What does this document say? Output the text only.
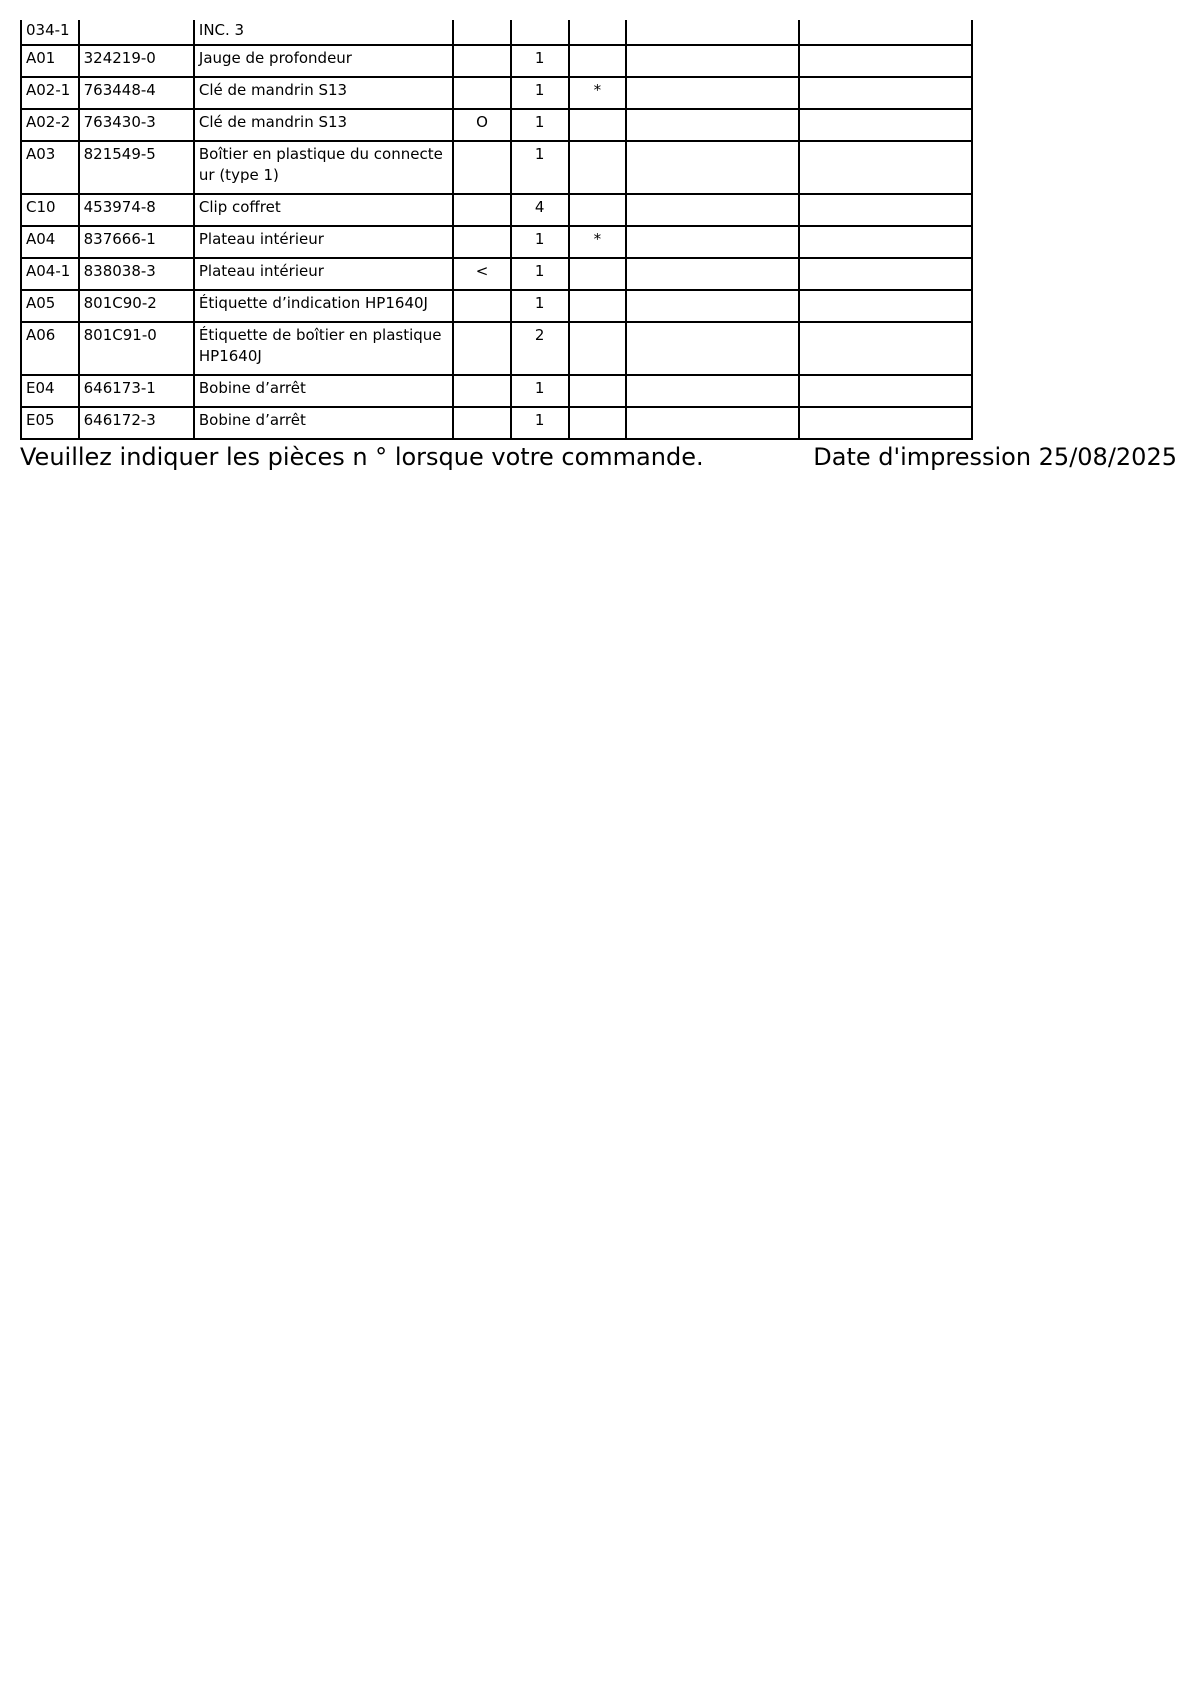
034-1		INC. 3					
A01	324219-0	Jauge de profondeur		1			
A02-1	763448-4	Clé de mandrin S13		1	*		
A02-2	763430-3	Clé de mandrin S13	O	1			
A03	821549-5	Boîtier en plastique du connecte ur (type 1)		1			
C10	453974-8	Clip coffret		4			
A04	837666-1	Plateau intérieur		1	*		
A04-1	838038-3	Plateau intérieur	<	1			
A05	801C90-2	Étiquette d’indication HP1640J		1			
A06	801C91-0	Étiquette de boîtier en plastique HP1640J		2			
E04	646173-1	Bobine d’arrêt		1			
E05	646172-3	Bobine d’arrêt		1			
Veuillez indiquer les pièces n ° lorsque votre commande.	Date d'impression 25/08/2025
